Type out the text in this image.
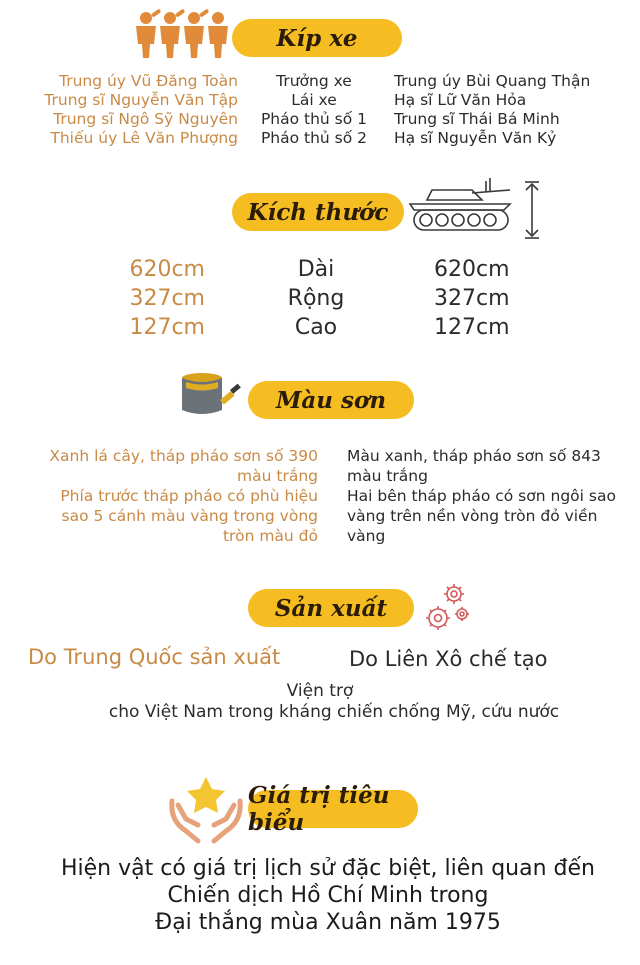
Kíp xe
Trung úy Vũ Đăng Toàn
Trung sĩ Nguyễn Văn Tập
Trung sĩ Ngô Sỹ Nguyên
Thiếu úy Lê Văn Phượng
Trưởng xe
Lái xe
Pháo thủ số 1
Pháo thủ số 2
Trung úy Bùi Quang Thận
Hạ sĩ Lữ Văn Hỏa
Trung sĩ Thái Bá Minh
Hạ sĩ Nguyễn Văn Kỷ
Kích thước
620cm
327cm
127cm
Dài
Rộng
Cao
620cm
327cm
127cm
Màu sơn
Xanh lá cây, tháp pháo sơn số 390
màu trắng
Phía trước tháp pháo có phù hiệu
sao 5 cánh màu vàng trong vòng
tròn màu đỏ
Màu xanh, tháp pháo sơn số 843
màu trắng
Hai bên tháp pháo có sơn ngôi sao
vàng trên nền vòng tròn đỏ viền
vàng
Sản xuất
Do Trung Quốc sản xuất	Do Liên Xô chế tạo
Viện trợ
cho Việt Nam trong kháng chiến chống Mỹ, cứu nước
Giá trị tiêu biểu
Hiện vật có giá trị lịch sử đặc biệt, liên quan đến
Chiến dịch Hồ Chí Minh trong
Đại thắng mùa Xuân năm 1975
